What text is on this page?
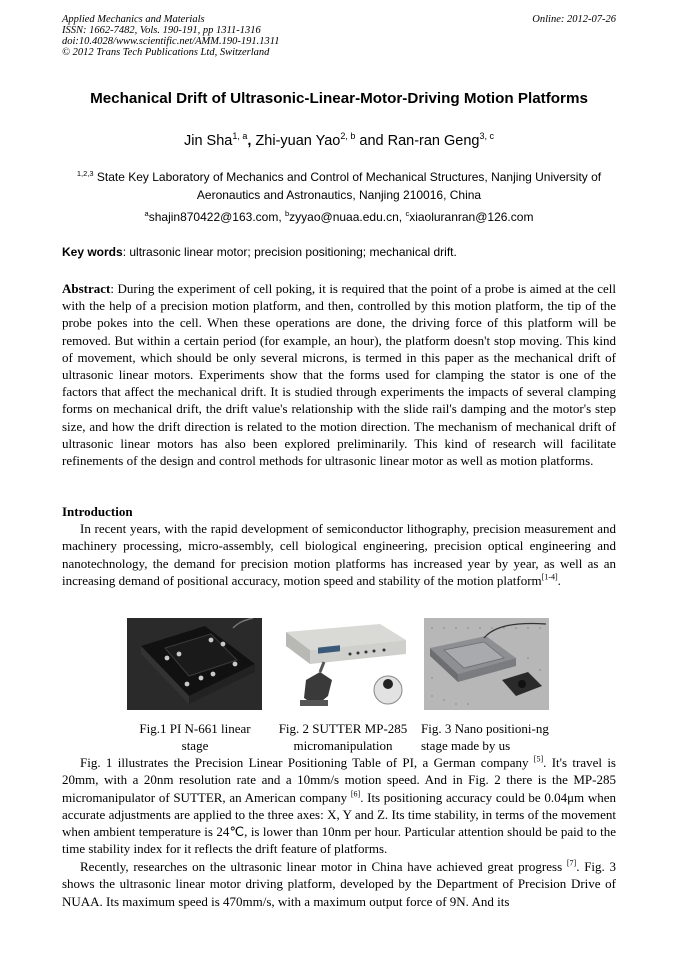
Applied Mechanics and Materials
ISSN: 1662-7482, Vols. 190-191, pp 1311-1316
doi:10.4028/www.scientific.net/AMM.190-191.1311
© 2012 Trans Tech Publications Ltd, Switzerland
Online: 2012-07-26
Mechanical Drift of Ultrasonic-Linear-Motor-Driving Motion Platforms
Jin Sha$^{1, a}$, Zhi-yuan Yao$^{2, b}$ and Ran-ran Geng$^{3, c}$
$^{1,2,3}$ State Key Laboratory of Mechanics and Control of Mechanical Structures, Nanjing University of Aeronautics and Astronautics, Nanjing 210016, China
$^a$shajin870422@163.com, $^b$zyyao@nuaa.edu.cn, $^c$xiaoluranran@126.com
Key words: ultrasonic linear motor; precision positioning; mechanical drift.
Abstract: During the experiment of cell poking, it is required that the point of a probe is aimed at the cell with the help of a precision motion platform, and then, controlled by this motion platform, the tip of the probe pokes into the cell. When these operations are done, the driving force of this platform will be removed. But within a certain period (for example, an hour), the platform doesn't stop moving. This kind of movement, which should be only several microns, is termed in this paper as the mechanical drift of ultrasonic linear motors. Experiments show that the forms used for clamping the stator is one of the factors that affect the mechanical drift. It is studied through experiments the impacts of several clamping forms on mechanical drift, the drift value's relationship with the slide rail's damping and the motor's step size, and how the drift direction is related to the motion direction. The mechanism of mechanical drift of ultrasonic linear motors has also been explored preliminarily. This kind of research will facilitate refinements of the design and control methods for ultrasonic linear motor as well as motion platforms.
Introduction
In recent years, with the rapid development of semiconductor lithography, precision measurement and machinery processing, micro-assembly, cell biological engineering, precision optical engineering and nanotechnology, the demand for precision motion platforms has increased year by year, as well as an increasing demand of positional accuracy, motion speed and stability of the motion platform[1-4].
Fig.1 PI N-661 linear stage
Fig. 2 SUTTER MP-285 micromanipulation
Fig. 3 Nano positioni-ng stage made by us
Fig. 1 illustrates the Precision Linear Positioning Table of PI, a German company [5]. It's travel is 20mm, with a 20nm resolution rate and a 10mm/s motion speed. And in Fig. 2 there is the MP-285 micromanipulator of SUTTER, an American company [6]. Its positioning accuracy could be 0.04μm when accurate adjustments are applied to the three axes: X, Y and Z. Its time stability, in terms of the movement when ambient temperature is 24℃, is lower than 10nm per hour. Particular attention should be paid to the time stability index for it reflects the drift feature of platforms.
Recently, researches on the ultrasonic linear motor in China have achieved great progress [7]. Fig. 3 shows the ultrasonic linear motor driving platform, developed by the Department of Precision Drive of NUAA. Its maximum speed is 470mm/s, with a maximum output force of 9N. And its
